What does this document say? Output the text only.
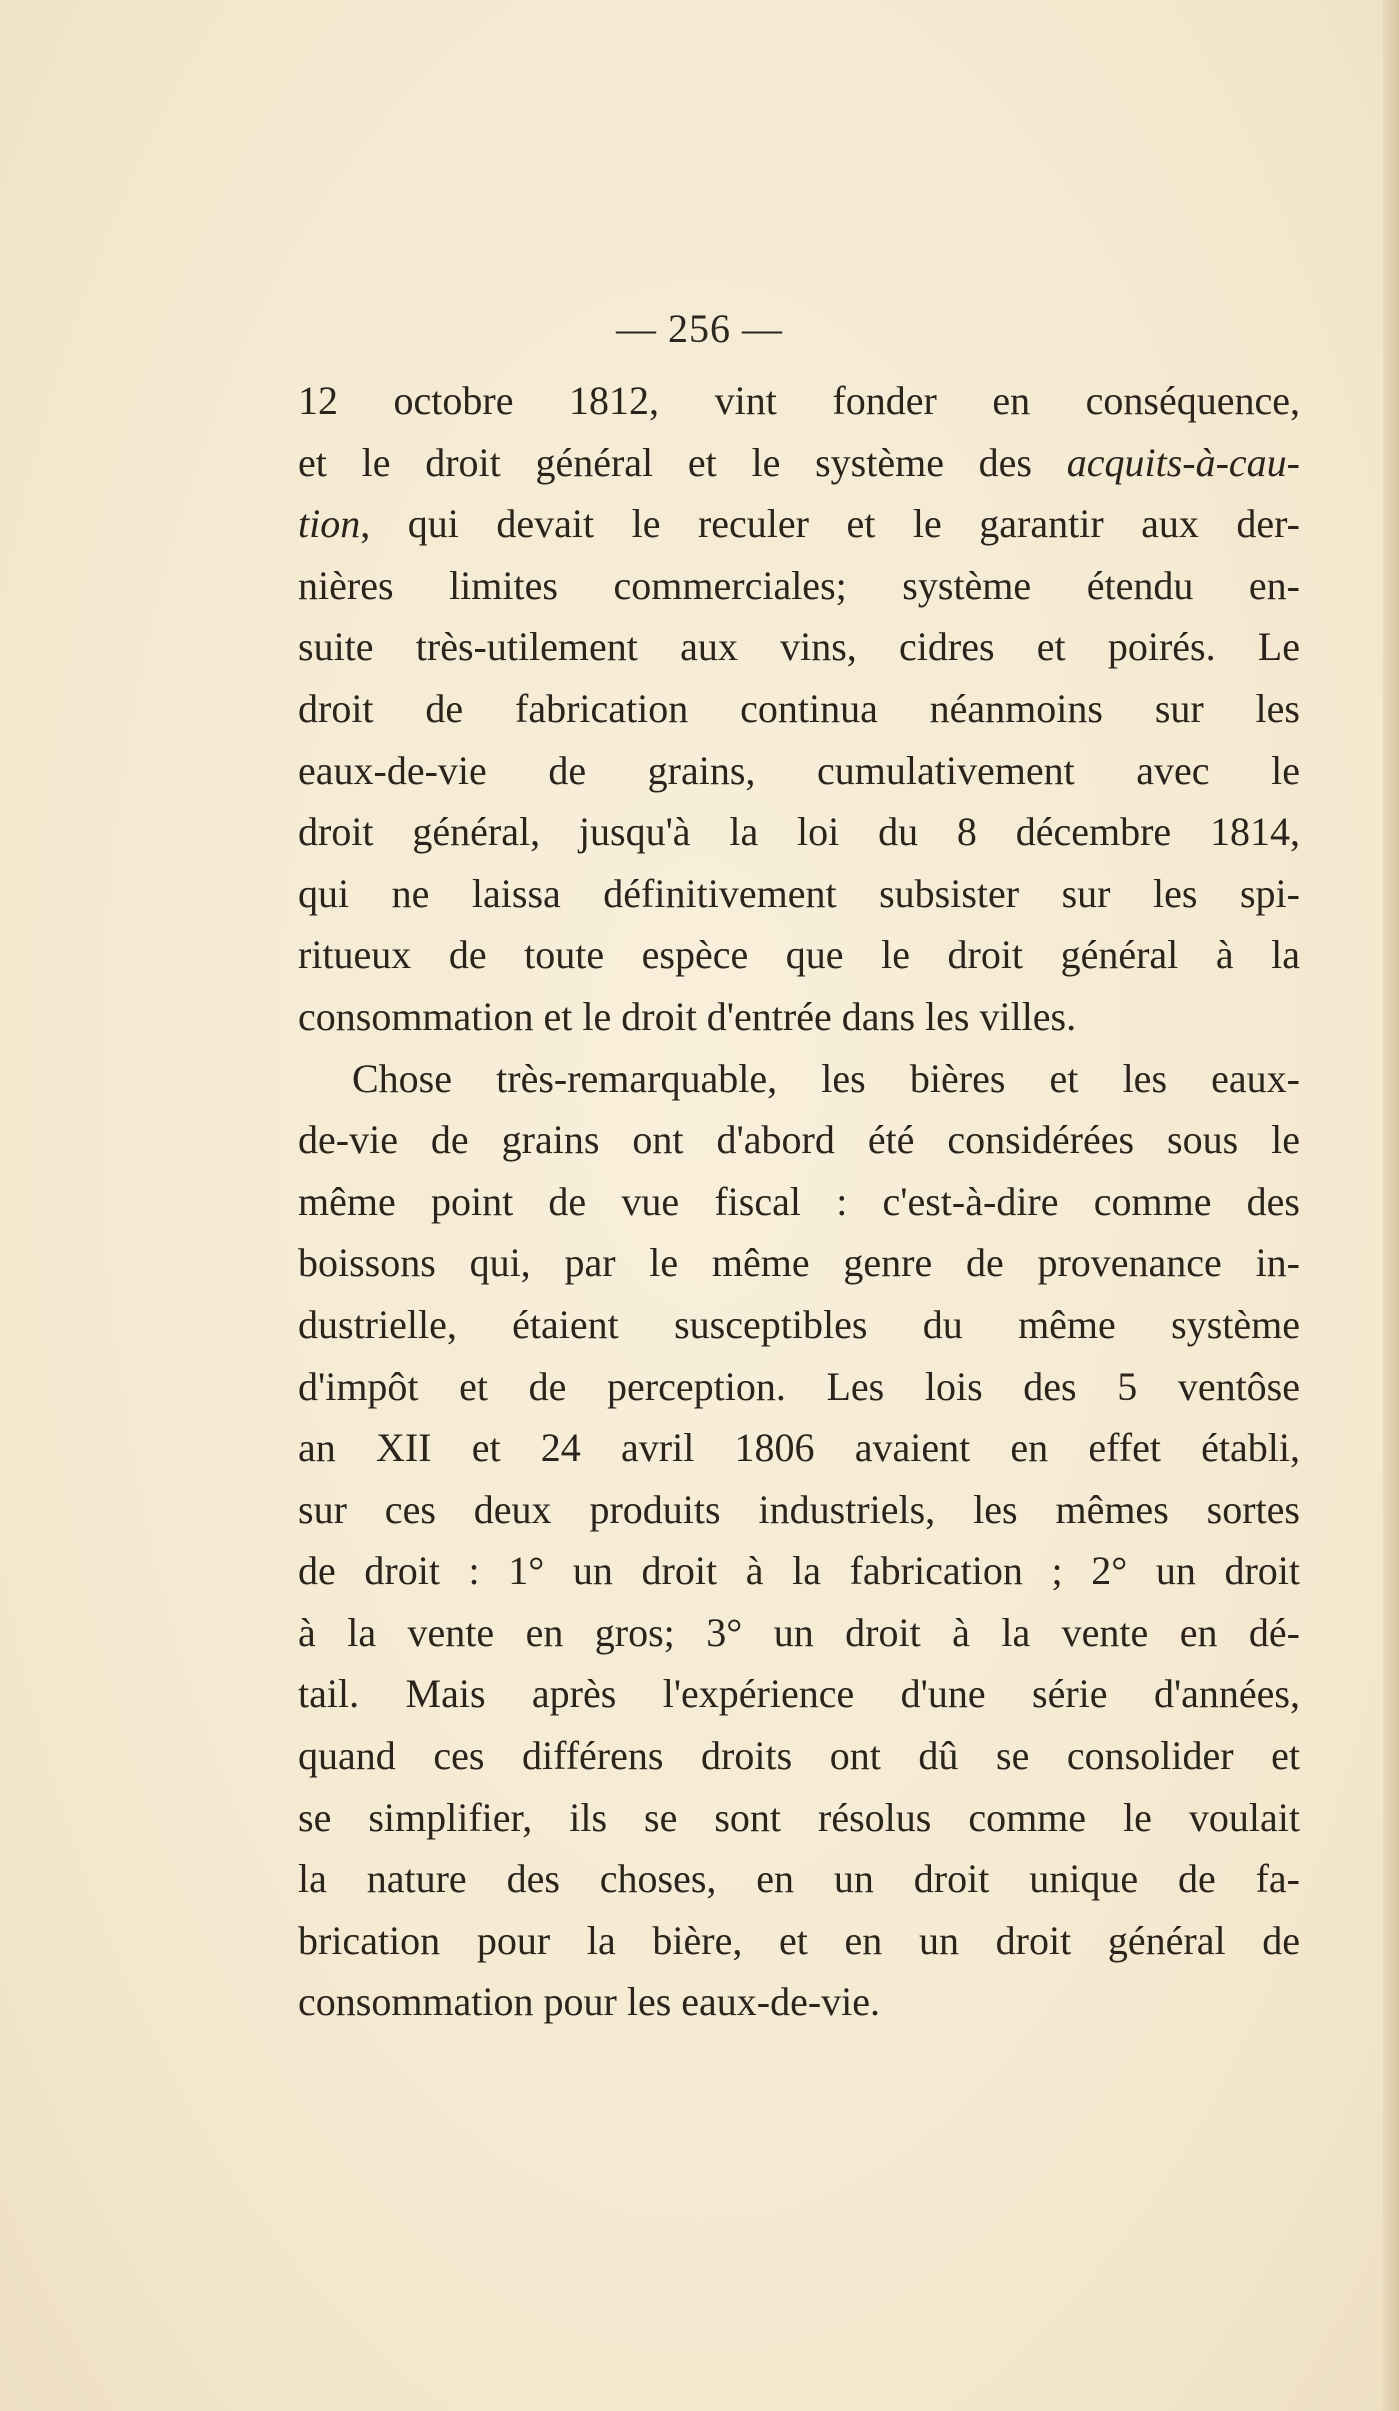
— 256 —
12 octobre 1812, vint fonder en conséquence,
et le droit général et le système des acquits-à-cau-
tion, qui devait le reculer et le garantir aux der-
nières limites commerciales; système étendu en-
suite très-utilement aux vins, cidres et poirés. Le
droit de fabrication continua néanmoins sur les
eaux-de-vie de grains, cumulativement avec le
droit général, jusqu'à la loi du 8 décembre 1814,
qui ne laissa définitivement subsister sur les spi-
ritueux de toute espèce que le droit général à la
consommation et le droit d'entrée dans les villes.
Chose très-remarquable, les bières et les eaux-
de-vie de grains ont d'abord été considérées sous le
même point de vue fiscal : c'est-à-dire comme des
boissons qui, par le même genre de provenance in-
dustrielle, étaient susceptibles du même système
d'impôt et de perception. Les lois des 5 ventôse
an XII et 24 avril 1806 avaient en effet établi,
sur ces deux produits industriels, les mêmes sortes
de droit : 1° un droit à la fabrication ; 2° un droit
à la vente en gros; 3° un droit à la vente en dé-
tail. Mais après l'expérience d'une série d'années,
quand ces différens droits ont dû se consolider et
se simplifier, ils se sont résolus comme le voulait
la nature des choses, en un droit unique de fa-
brication pour la bière, et en un droit général de
consommation pour les eaux-de-vie.
